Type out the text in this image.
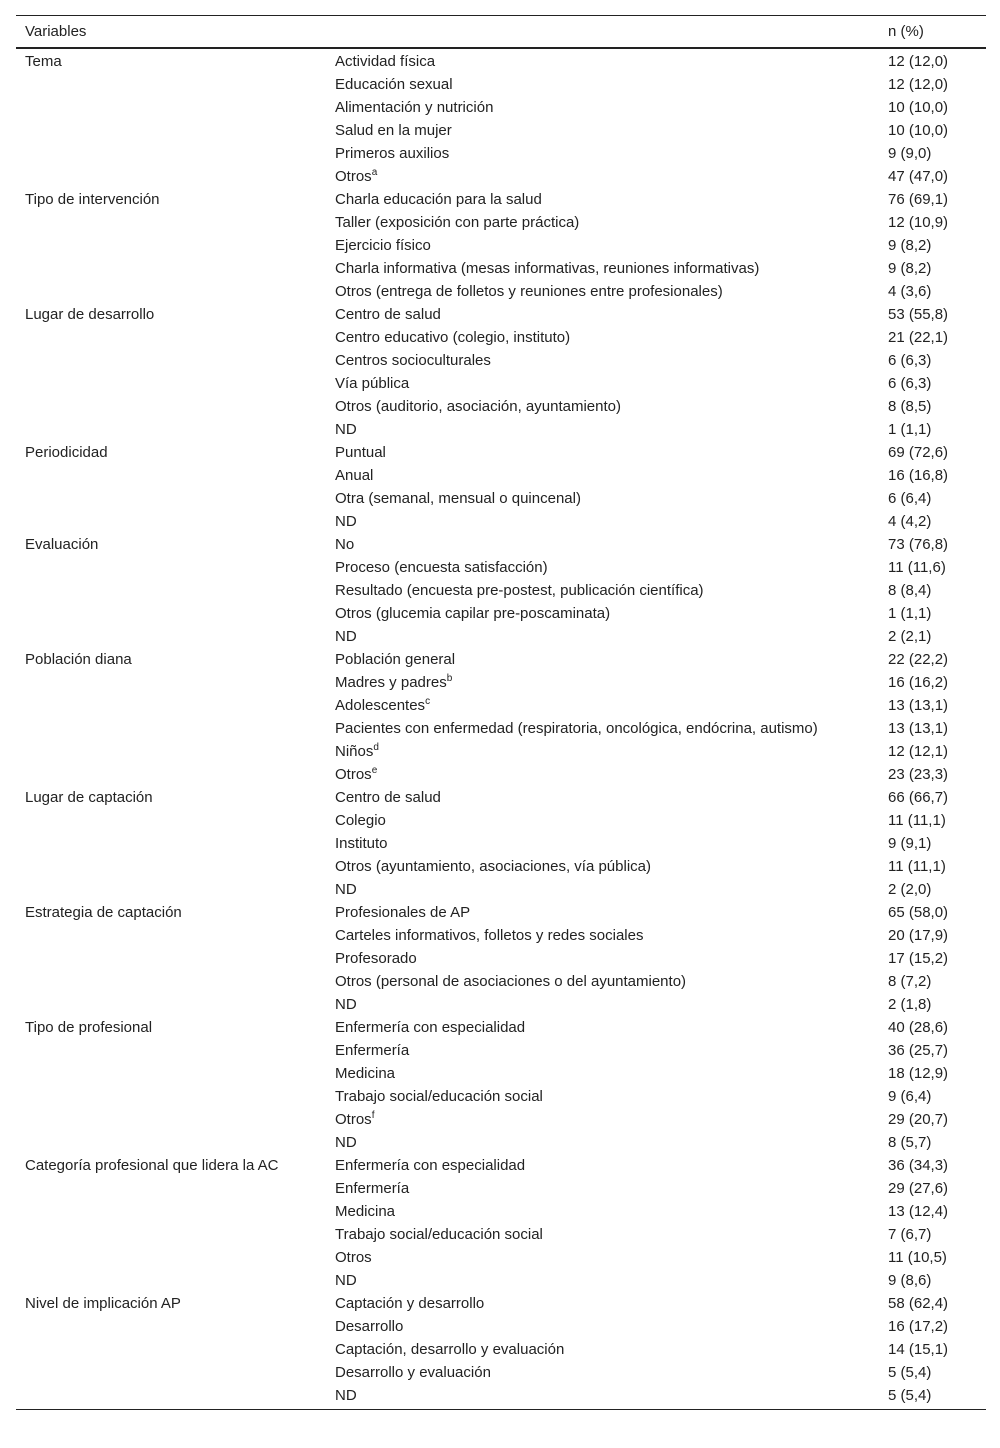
Variables		n (%)
Tema	Actividad física	12 (12,0)
	Educación sexual	12 (12,0)
	Alimentación y nutrición	10 (10,0)
	Salud en la mujer	10 (10,0)
	Primeros auxilios	9 (9,0)
	Otros$^a$	47 (47,0)
Tipo de intervención	Charla educación para la salud	76 (69,1)
	Taller (exposición con parte práctica)	12 (10,9)
	Ejercicio físico	9 (8,2)
	Charla informativa (mesas informativas, reuniones informativas)	9 (8,2)
	Otros (entrega de folletos y reuniones entre profesionales)	4 (3,6)
Lugar de desarrollo	Centro de salud	53 (55,8)
	Centro educativo (colegio, instituto)	21 (22,1)
	Centros socioculturales	6 (6,3)
	Vía pública	6 (6,3)
	Otros (auditorio, asociación, ayuntamiento)	8 (8,5)
	ND	1 (1,1)
Periodicidad	Puntual	69 (72,6)
	Anual	16 (16,8)
	Otra (semanal, mensual o quincenal)	6 (6,4)
	ND	4 (4,2)
Evaluación	No	73 (76,8)
	Proceso (encuesta satisfacción)	11 (11,6)
	Resultado (encuesta pre-postest, publicación científica)	8 (8,4)
	Otros (glucemia capilar pre-poscaminata)	1 (1,1)
	ND	2 (2,1)
Población diana	Población general	22 (22,2)
	Madres y padres$^b$	16 (16,2)
	Adolescentes$^c$	13 (13,1)
	Pacientes con enfermedad (respiratoria, oncológica, endócrina, autismo)	13 (13,1)
	Niños$^d$	12 (12,1)
	Otros$^e$	23 (23,3)
Lugar de captación	Centro de salud	66 (66,7)
	Colegio	11 (11,1)
	Instituto	9 (9,1)
	Otros (ayuntamiento, asociaciones, vía pública)	11 (11,1)
	ND	2 (2,0)
Estrategia de captación	Profesionales de AP	65 (58,0)
	Carteles informativos, folletos y redes sociales	20 (17,9)
	Profesorado	17 (15,2)
	Otros (personal de asociaciones o del ayuntamiento)	8 (7,2)
	ND	2 (1,8)
Tipo de profesional	Enfermería con especialidad	40 (28,6)
	Enfermería	36 (25,7)
	Medicina	18 (12,9)
	Trabajo social/educación social	9 (6,4)
	Otros$^f$	29 (20,7)
	ND	8 (5,7)
Categoría profesional que lidera la AC	Enfermería con especialidad	36 (34,3)
	Enfermería	29 (27,6)
	Medicina	13 (12,4)
	Trabajo social/educación social	7 (6,7)
	Otros	11 (10,5)
	ND	9 (8,6)
Nivel de implicación AP	Captación y desarrollo	58 (62,4)
	Desarrollo	16 (17,2)
	Captación, desarrollo y evaluación	14 (15,1)
	Desarrollo y evaluación	5 (5,4)
	ND	5 (5,4)
